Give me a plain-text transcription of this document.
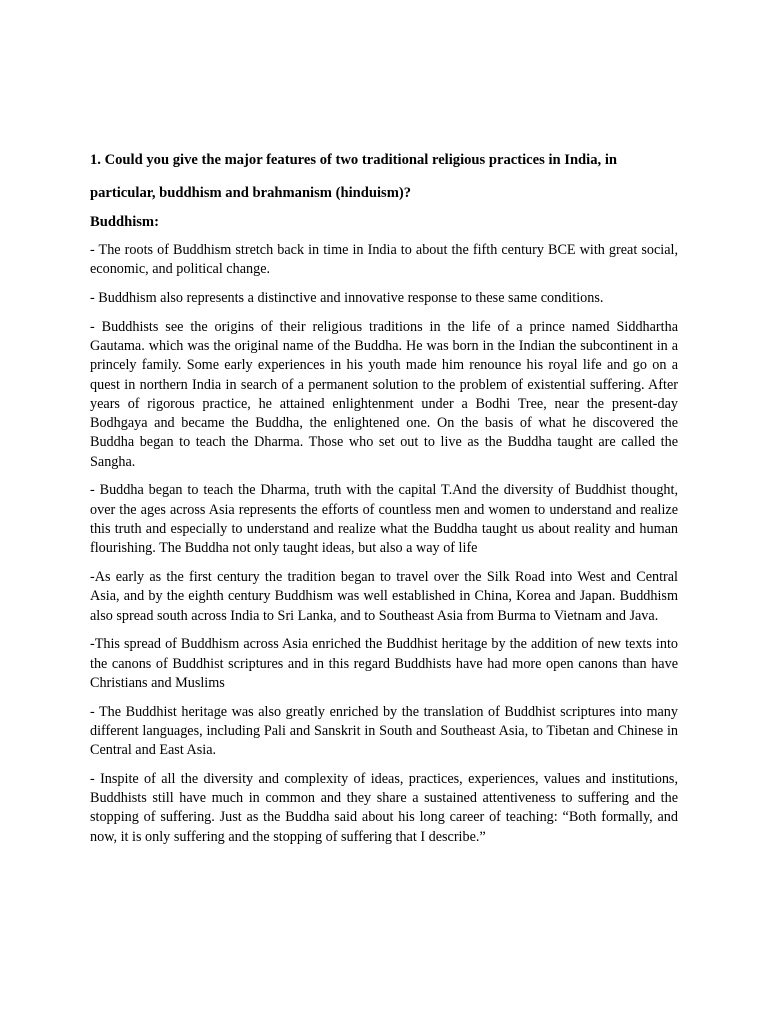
1. Could you give the major features of two traditional religious practices in India, in

particular, buddhism and brahmanism (hinduism)?

Buddhism:

- The roots of Buddhism stretch back in time in India to about the fifth century BCE with great social, economic, and political change.

- Buddhism also represents a distinctive and innovative response to these same conditions.

- Buddhists see the origins of their religious traditions in the life of a prince named Siddhartha Gautama. which was the original name of the Buddha. He was born in the Indian the subcontinent in a princely family. Some early experiences in his youth made him renounce his royal life and go on a quest in northern India in search of a permanent solution to the problem of existential suffering. After years of rigorous practice, he attained enlightenment under a Bodhi Tree, near the present-day Bodhgaya and became the Buddha, the enlightened one. On the basis of what he discovered the Buddha began to teach the Dharma. Those who set out to live as the Buddha taught are called the Sangha.

- Buddha began to teach the Dharma, truth with the capital T.And the diversity of Buddhist thought, over the ages across Asia represents the efforts of countless men and women to understand and realize this truth and especially to understand and realize what the Buddha taught us about reality and human flourishing. The Buddha not only taught ideas, but also a way of life

-As early as the first century the tradition began to travel over the Silk Road into West and Central Asia, and by the eighth century Buddhism was well established in China, Korea and Japan. Buddhism also spread south across India to Sri Lanka, and to Southeast Asia from Burma to Vietnam and Java.

-This spread of Buddhism across Asia enriched the Buddhist heritage by the addition of new texts into the canons of Buddhist scriptures and in this regard Buddhists have had more open canons than have Christians and Muslims

- The Buddhist heritage was also greatly enriched by the translation of Buddhist scriptures into many different languages, including Pali and Sanskrit in South and Southeast Asia, to Tibetan and Chinese in Central and East Asia.

- Inspite of all the diversity and complexity of ideas, practices, experiences, values and institutions, Buddhists still have much in common and they share a sustained attentiveness to suffering and the stopping of suffering. Just as the Buddha said about his long career of teaching: “Both formally, and now, it is only suffering and the stopping of suffering that I describe.”
